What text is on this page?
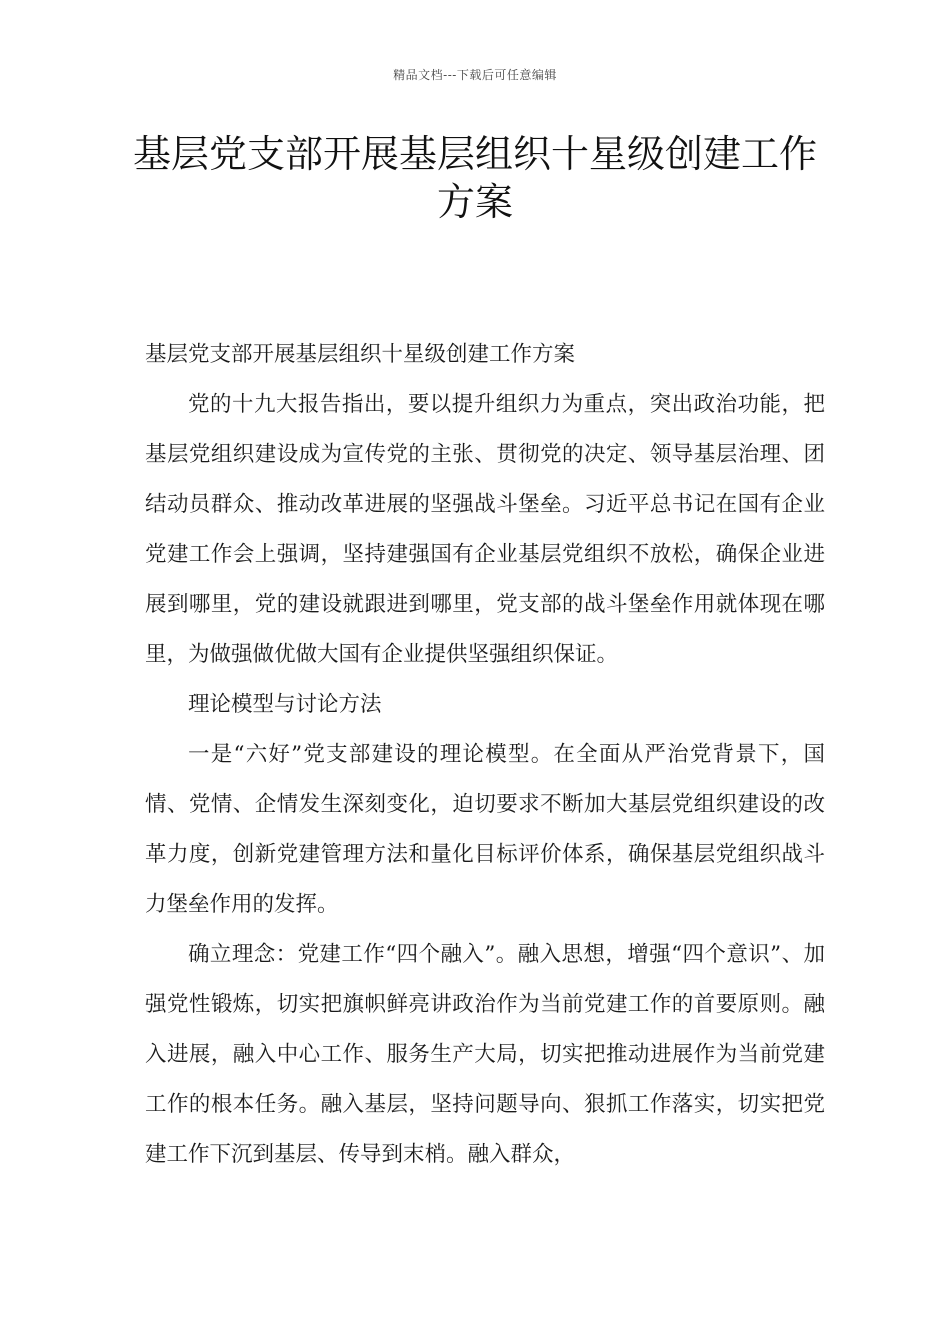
精品文档---下载后可任意编辑
基层党支部开展基层组织十星级创建工作方案

基层党支部开展基层组织十星级创建工作方案

党的十九大报告指出，要以提升组织力为重点，突出政治功能，把基层党组织建设成为宣传党的主张、贯彻党的决定、领导基层治理、团结动员群众、推动改革进展的坚强战斗堡垒。习近平总书记在国有企业党建工作会上强调，坚持建强国有企业基层党组织不放松，确保企业进展到哪里，党的建设就跟进到哪里，党支部的战斗堡垒作用就体现在哪里，为做强做优做大国有企业提供坚强组织保证。

理论模型与讨论方法

一是“六好”党支部建设的理论模型。在全面从严治党背景下，国情、党情、企情发生深刻变化，迫切要求不断加大基层党组织建设的改革力度，创新党建管理方法和量化目标评价体系，确保基层党组织战斗力堡垒作用的发挥。

确立理念：党建工作“四个融入”。融入思想，增强“四个意识”、加强党性锻炼，切实把旗帜鲜亮讲政治作为当前党建工作的首要原则。融入进展，融入中心工作、服务生产大局，切实把推动进展作为当前党建工作的根本任务。融入基层，坚持问题导向、狠抓工作落实，切实把党建工作下沉到基层、传导到末梢。融入群众，
